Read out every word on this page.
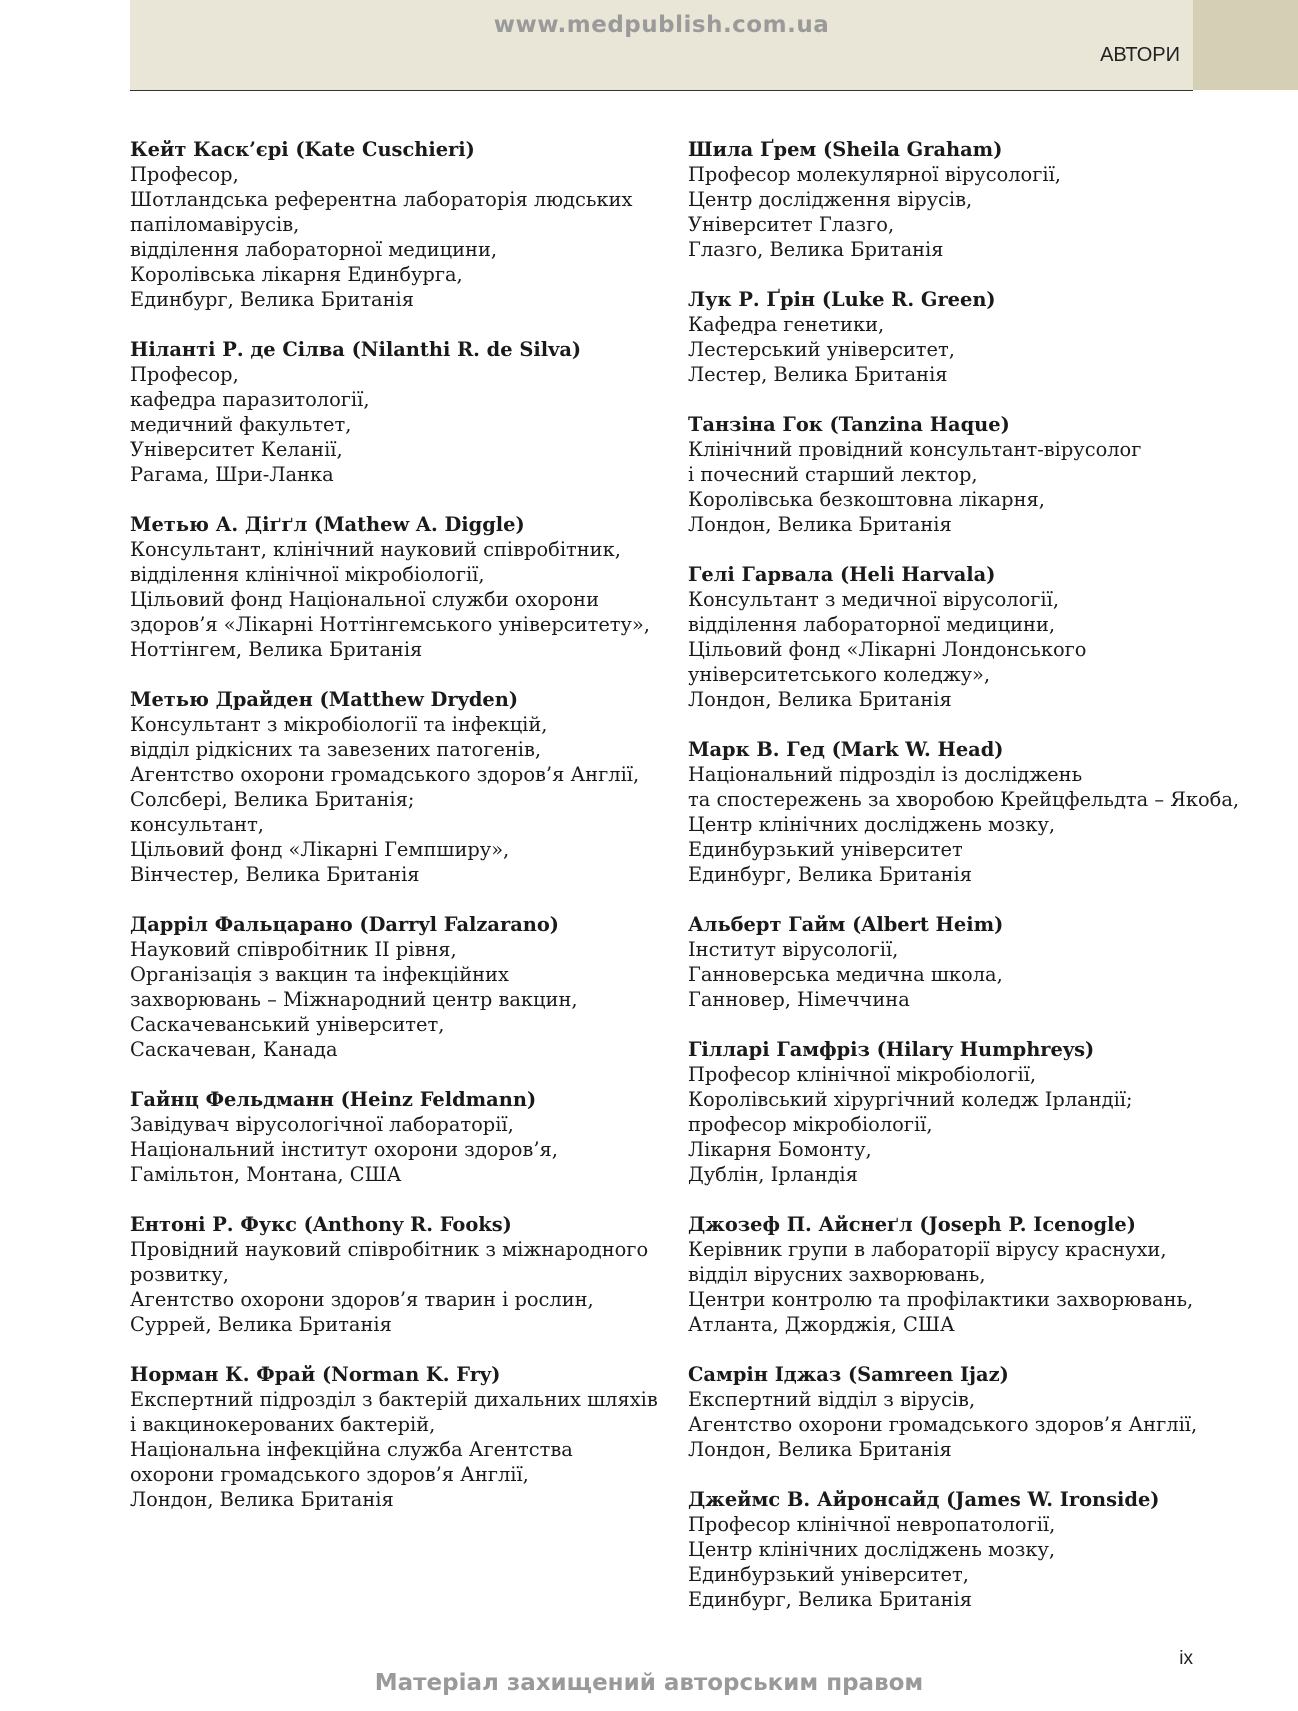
www.medpublish.com.ua
АВТОРИ
Кейт Каск’єрі (Kate Cuschieri)
Професор,
Шотландська референтна лабораторія людських
папіломавірусів,
відділення лабораторної медицини,
Королівська лікарня Единбурга,
Единбург, Велика Британія
Ніланті Р. де Сілва (Nilanthi R. de Silva)
Професор,
кафедра паразитології,
медичний факультет,
Університет Келанії,
Рагама, Шри-Ланка
Метью А. Діґґл (Mathew A. Diggle)
Консультант, клінічний науковий співробітник,
відділення клінічної мікробіології,
Цільовий фонд Національної служби охорони
здоров’я «Лікарні Ноттінгемського університету»,
Ноттінгем, Велика Британія
Метью Драйден (Matthew Dryden)
Консультант з мікробіології та інфекцій,
відділ рідкісних та завезених патогенів,
Агентство охорони громадського здоров’я Англії,
Солсбері, Велика Британія;
консультант,
Цільовий фонд «Лікарні Гемпширу»,
Вінчестер, Велика Британія
Дарріл Фальцарано (Darryl Falzarano)
Науковий співробітник ІІ рівня,
Організація з вакцин та інфекційних
захворювань – Міжнародний центр вакцин,
Саскачеванський університет,
Саскачеван, Канада
Гайнц Фельдманн (Heinz Feldmann)
Завідувач вірусологічної лабораторії,
Національний інститут охорони здоров’я,
Гамільтон, Монтана, США
Ентоні Р. Фукс (Anthony R. Fooks)
Провідний науковий співробітник з міжнародного
розвитку,
Агентство охорони здоров’я тварин і рослин,
Суррей, Велика Британія
Норман К. Фрай (Norman K. Fry)
Експертний підрозділ з бактерій дихальних шляхів
і вакцинокерованих бактерій,
Національна інфекційна служба Агентства
охорони громадського здоров’я Англії,
Лондон, Велика Британія
Шила Ґрем (Sheila Graham)
Професор молекулярної вірусології,
Центр дослідження вірусів,
Університет Глазго,
Глазго, Велика Британія
Лук Р. Ґрін (Luke R. Green)
Кафедра генетики,
Лестерський університет,
Лестер, Велика Британія
Танзіна Гок (Tanzina Haque)
Клінічний провідний консультант-вірусолог
і почесний старший лектор,
Королівська безкоштовна лікарня,
Лондон, Велика Британія
Гелі Гарвала (Heli Harvala)
Консультант з медичної вірусології,
відділення лабораторної медицини,
Цільовий фонд «Лікарні Лондонського
університетського коледжу»,
Лондон, Велика Британія
Марк В. Гед (Mark W. Head)
Національний підрозділ із досліджень
та спостережень за хворобою Крейцфельдта – Якоба,
Центр клінічних досліджень мозку,
Единбурзький університет
Единбург, Велика Британія
Альберт Гайм (Albert Heim)
Інститут вірусології,
Ганноверська медична школа,
Ганновер, Німеччина
Гілларі Гамфріз (Hilary Humphreys)
Професор клінічної мікробіології,
Королівський хірургічний коледж Ірландії;
професор мікробіології,
Лікарня Бомонту,
Дублін, Ірландія
Джозеф П. Айснеґл (Joseph P. Icenogle)
Керівник групи в лабораторії вірусу краснухи,
відділ вірусних захворювань,
Центри контролю та профілактики захворювань,
Атланта, Джорджія, США
Самрін Іджаз (Samreen Ijaz)
Експертний відділ з вірусів,
Агентство охорони громадського здоров’я Англії,
Лондон, Велика Британія
Джеймс В. Айронсайд (James W. Ironside)
Професор клінічної невропатології,
Центр клінічних досліджень мозку,
Единбурзький університет,
Единбург, Велика Британія
ix
Матеріал захищений авторським правом
